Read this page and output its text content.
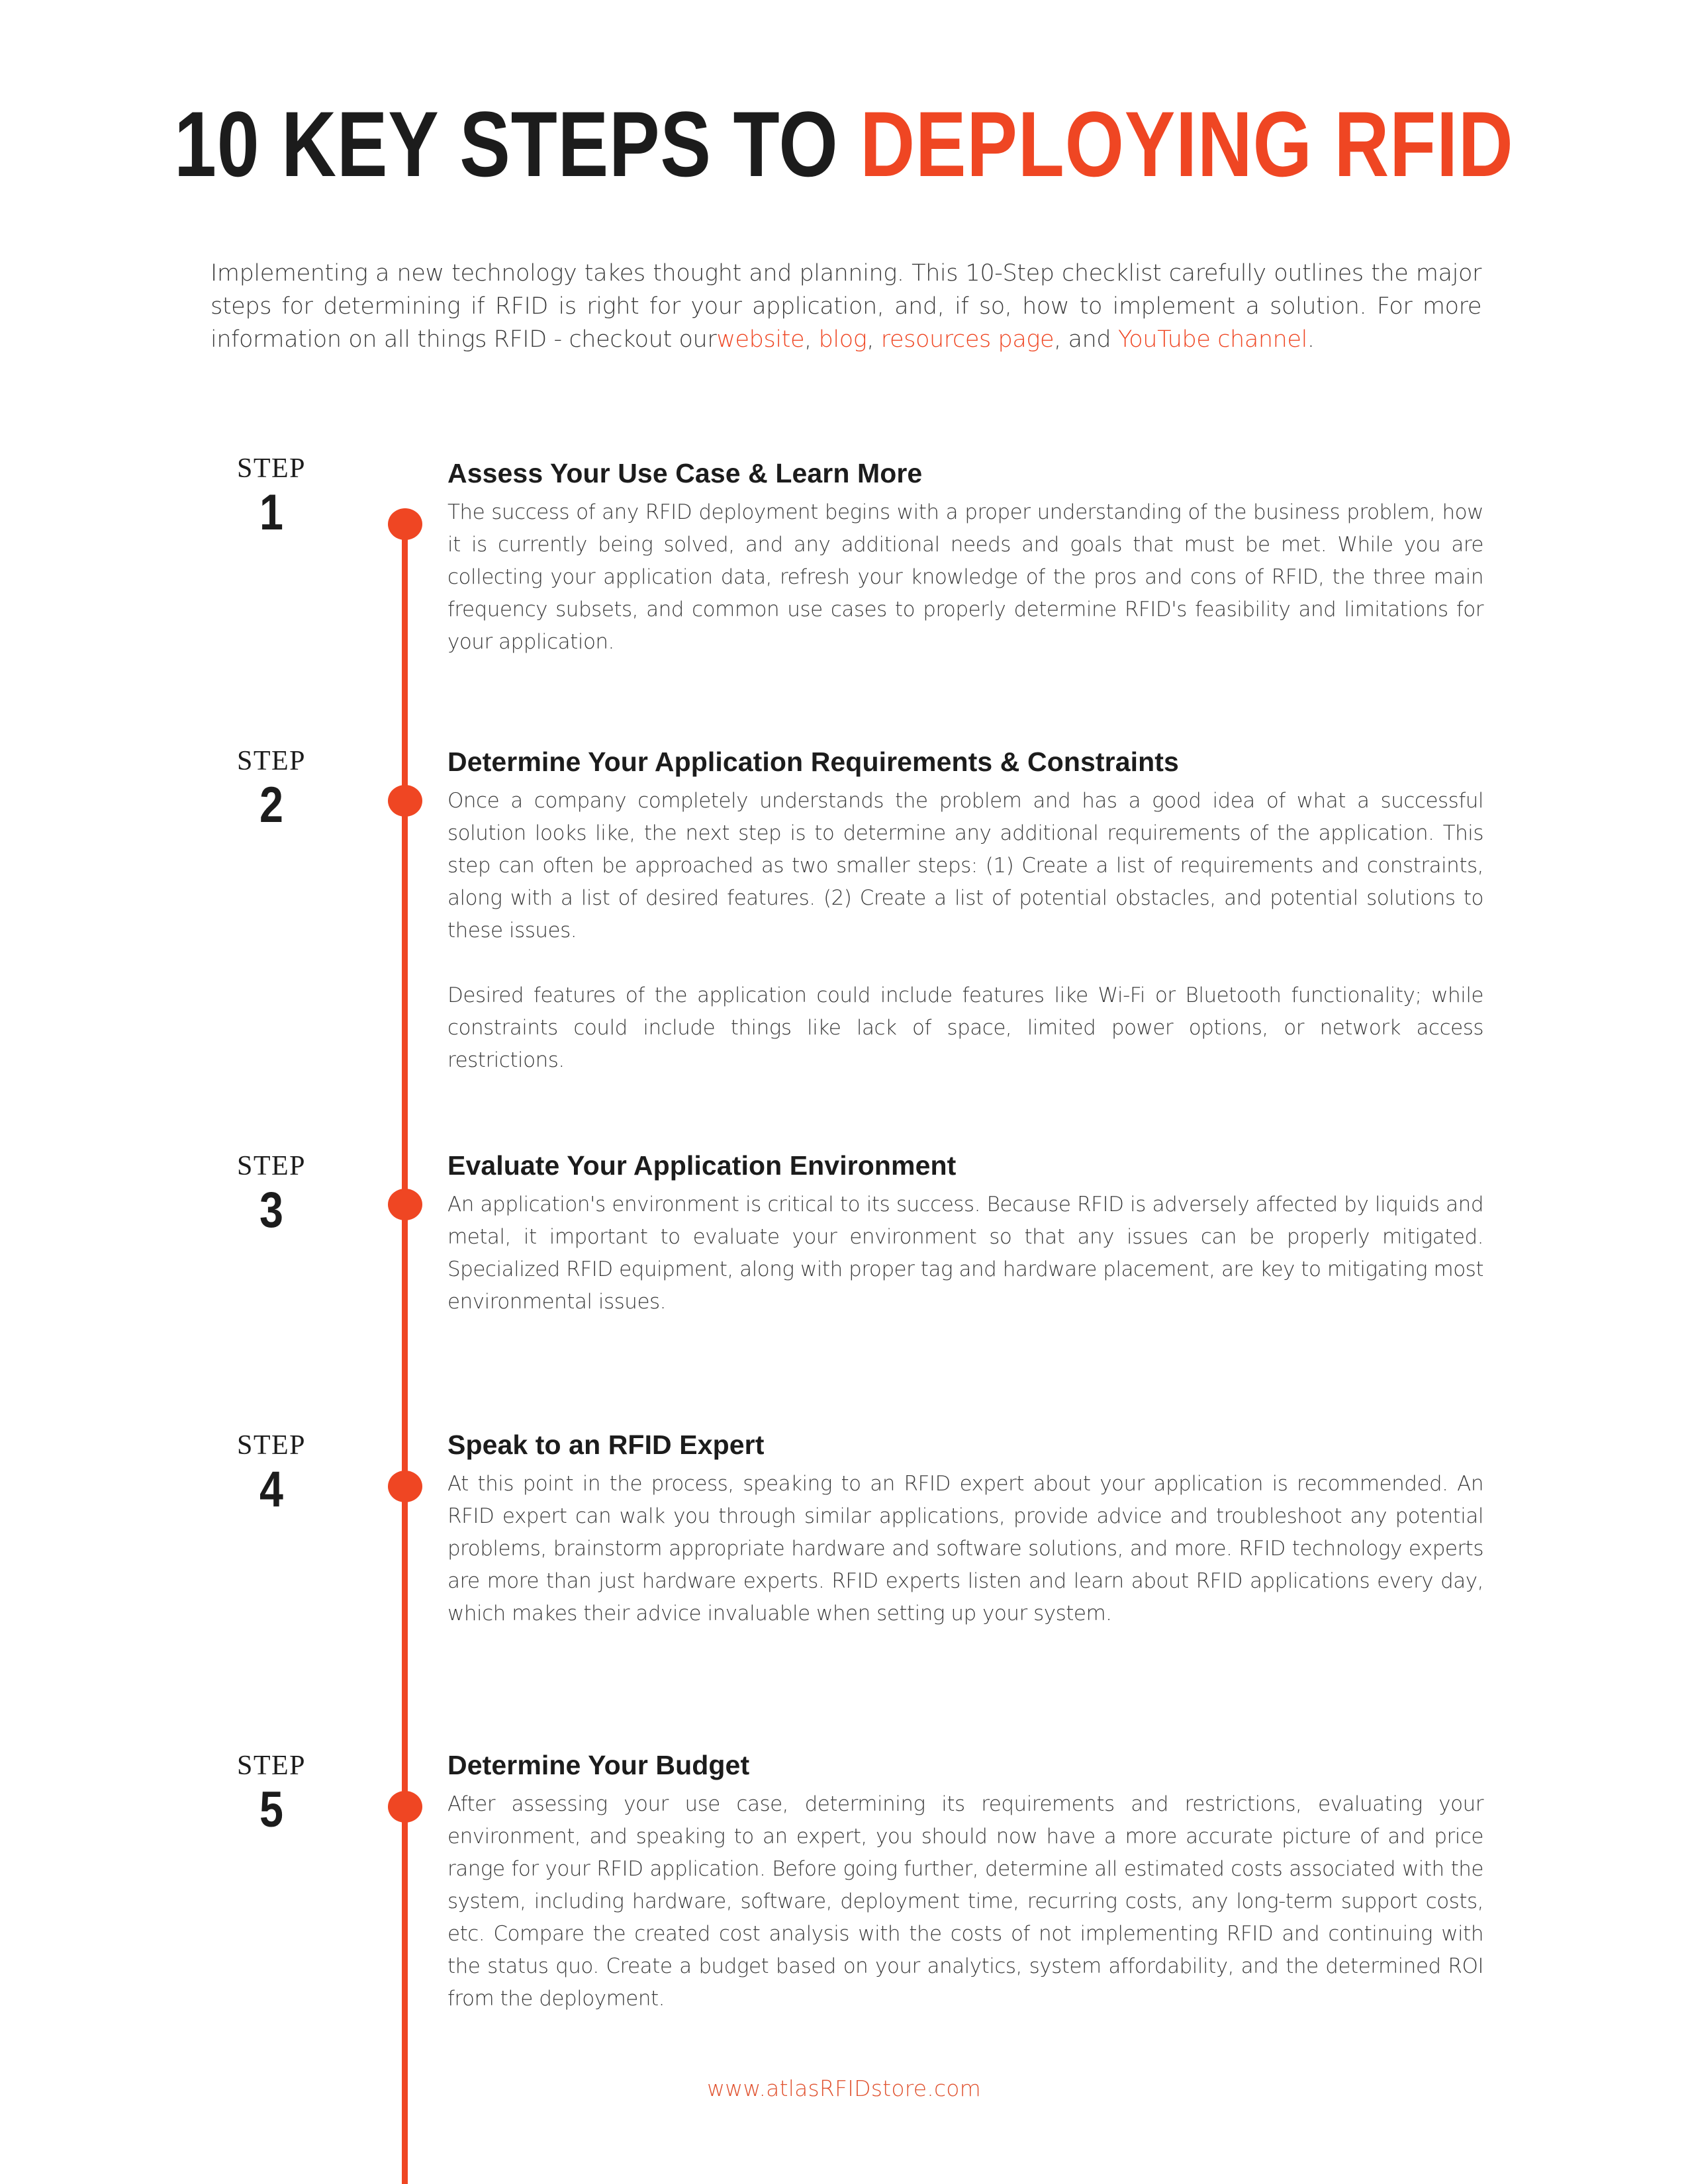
10 KEY STEPS TO DEPLOYING RFID
Implementing a new technology takes thought and planning. This 10-Step checklist carefully outlines the major steps for determining if RFID is right for your application, and, if so, how to implement a solution. For more information on all things RFID - checkout ourwebsite, blog, resources page, and YouTube channel.
STEP
1
Assess Your Use Case & Learn More

The success of any RFID deployment begins with a proper understanding of the business problem, how it is currently being solved, and any additional needs and goals that must be met. While you are collecting your application data, refresh your knowledge of the pros and cons of RFID, the three main frequency subsets, and common use cases to properly determine RFID's feasibility and limitations for your application.

STEP
2
Determine Your Application Requirements & Constraints

Once a company completely understands the problem and has a good idea of what a successful solution looks like, the next step is to determine any additional requirements of the application. This step can often be approached as two smaller steps: (1) Create a list of requirements and constraints, along with a list of desired features. (2) Create a list of potential obstacles, and potential solutions to these issues.

Desired features of the application could include features like Wi-Fi or Bluetooth functionality; while constraints could include things like lack of space, limited power options, or network access restrictions.

STEP
3
Evaluate Your Application Environment

An application's environment is critical to its success. Because RFID is adversely affected by liquids and metal, it important to evaluate your environment so that any issues can be properly mitigated. Specialized RFID equipment, along with proper tag and hardware placement, are key to mitigating most environmental issues.

STEP
4
Speak to an RFID Expert

At this point in the process, speaking to an RFID expert about your application is recommended. An RFID expert can walk you through similar applications, provide advice and troubleshoot any potential problems, brainstorm appropriate hardware and software solutions, and more. RFID technology experts are more than just hardware experts. RFID experts listen and learn about RFID applications every day, which makes their advice invaluable when setting up your system.

STEP
5
Determine Your Budget

After assessing your use case, determining its requirements and restrictions, evaluating your environment, and speaking to an expert, you should now have a more accurate picture of and price range for your RFID application. Before going further, determine all estimated costs associated with the system, including hardware, software, deployment time, recurring costs, any long-term support costs, etc. Compare the created cost analysis with the costs of not implementing RFID and continuing with the status quo. Create a budget based on your analytics, system affordability, and the determined ROI from the deployment.

www.atlasRFIDstore.com
